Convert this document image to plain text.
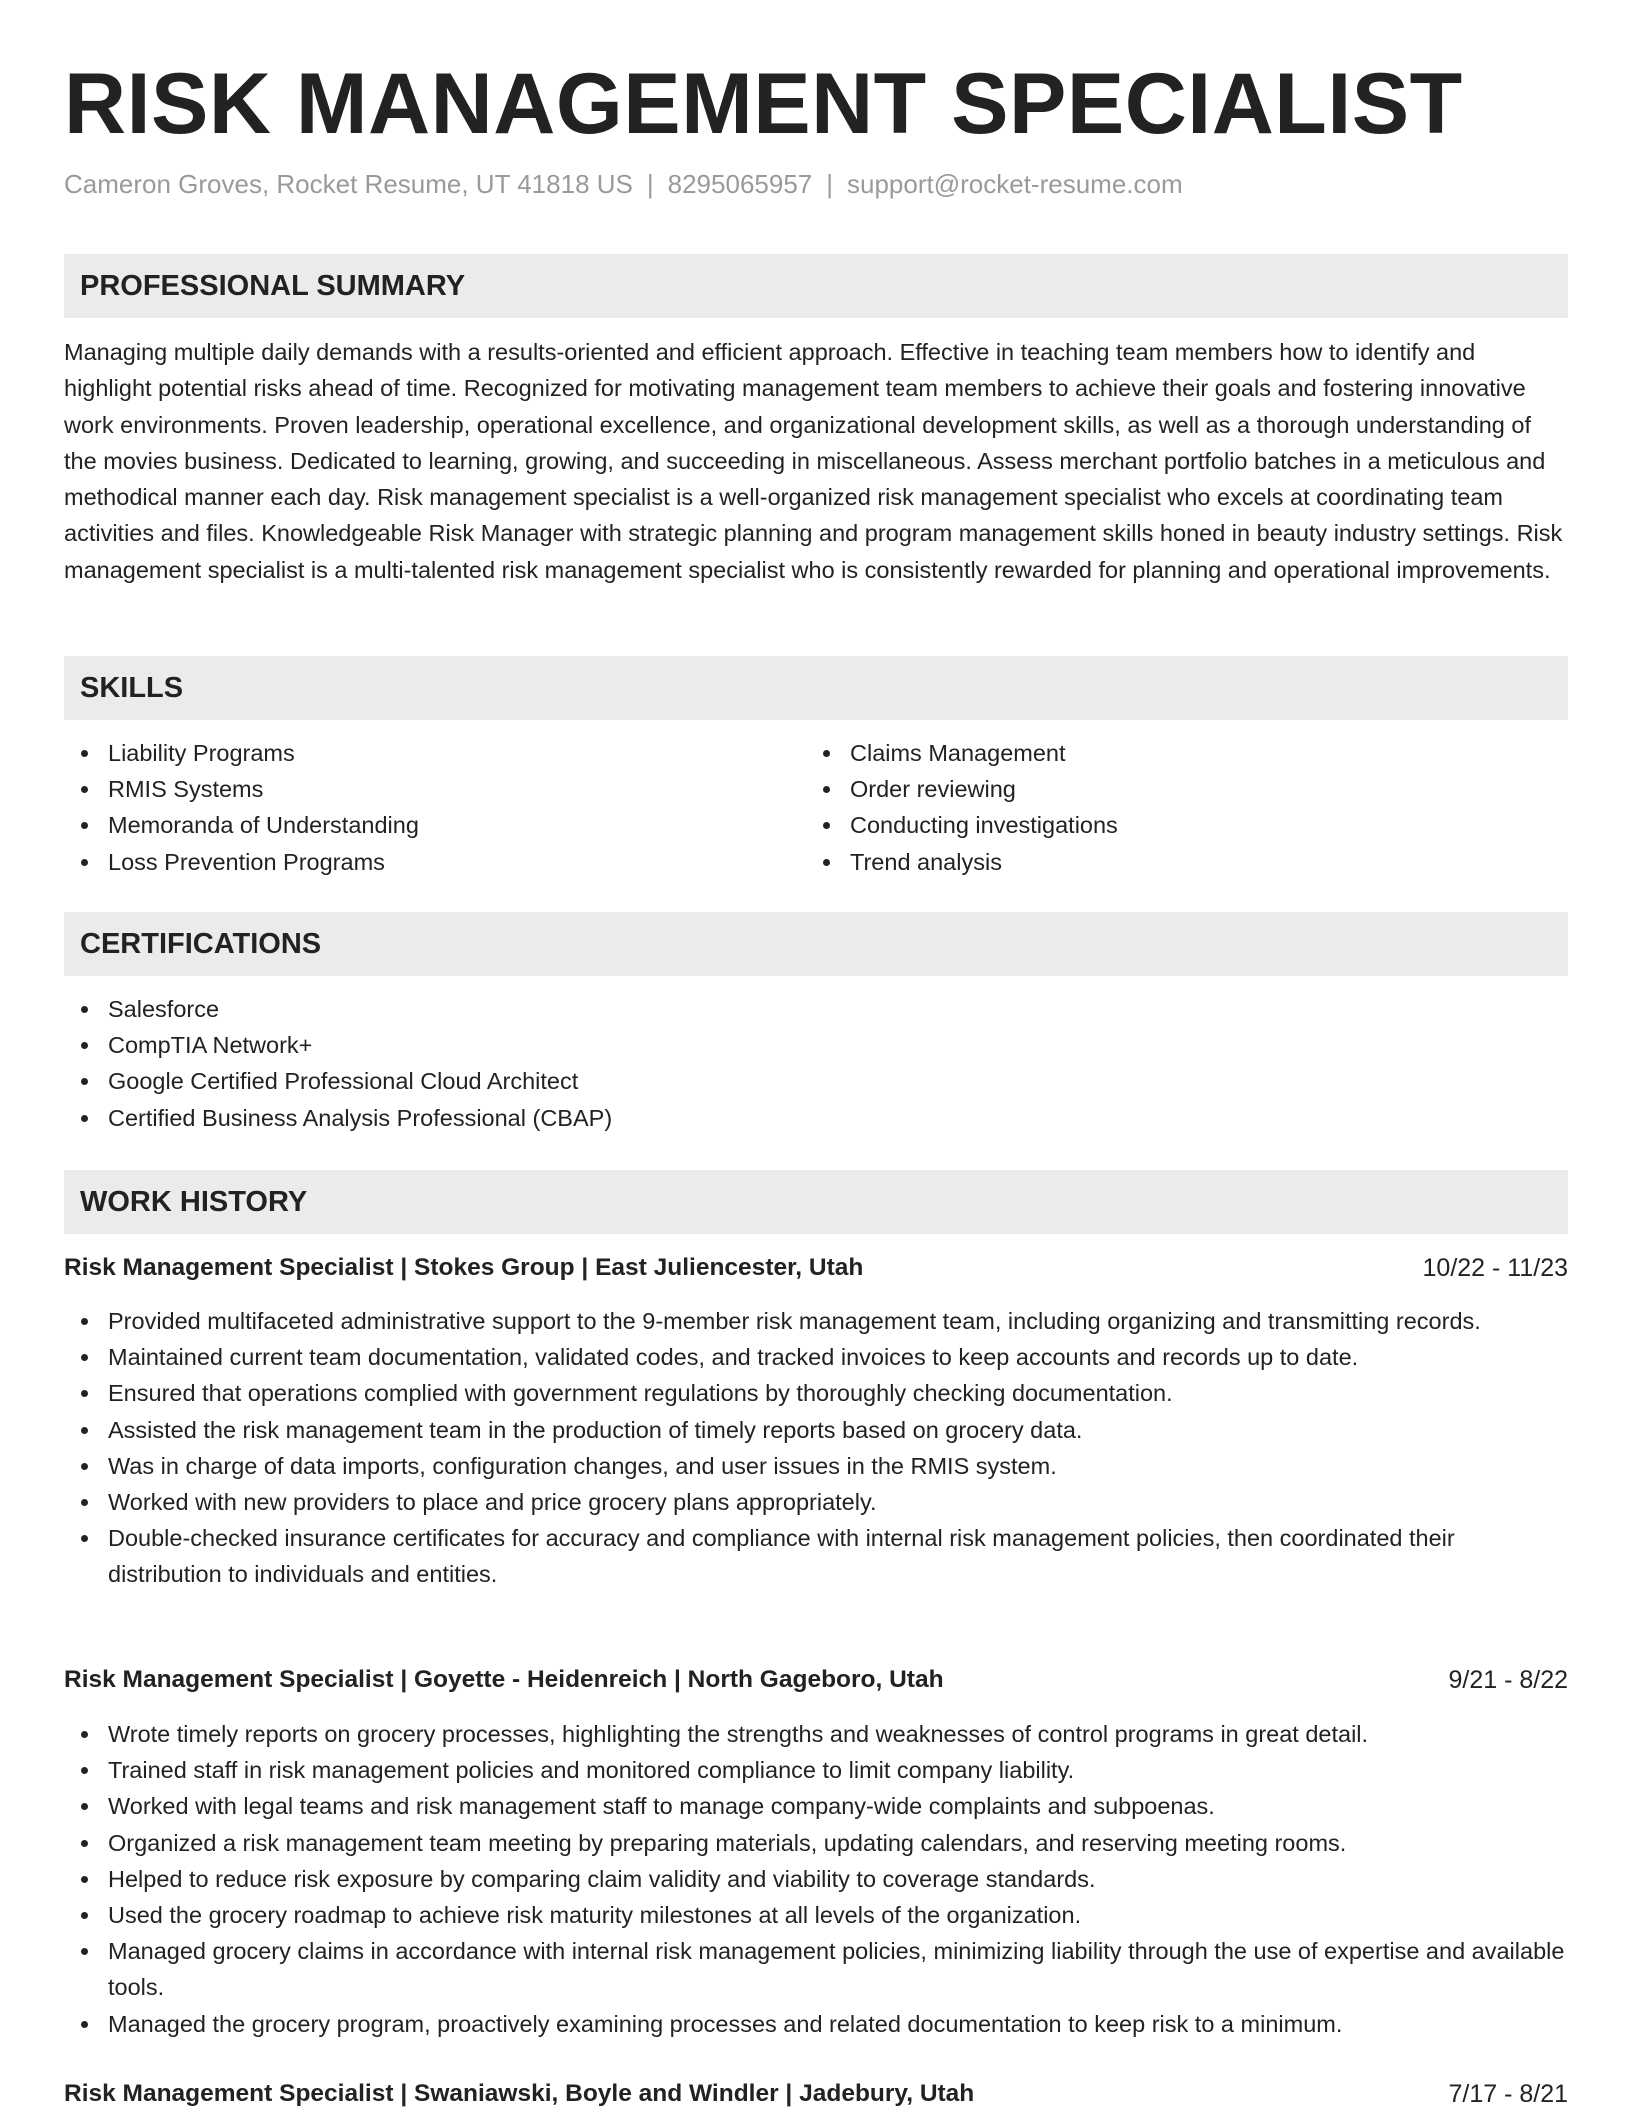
RISK MANAGEMENT SPECIALIST
Cameron Groves, Rocket Resume, UT 41818 US | 8295065957 | support@rocket-resume.com
PROFESSIONAL SUMMARY

Managing multiple daily demands with a results-oriented and efficient approach. Effective in teaching team members how to identify and highlight potential risks ahead of time. Recognized for motivating management team members to achieve their goals and fostering innovative work environments. Proven leadership, operational excellence, and organizational development skills, as well as a thorough understanding of the movies business. Dedicated to learning, growing, and succeeding in miscellaneous. Assess merchant portfolio batches in a meticulous and methodical manner each day. Risk management specialist is a well-organized risk management specialist who excels at coordinating team activities and files. Knowledgeable Risk Manager with strategic planning and program management skills honed in beauty industry settings. Risk management specialist is a multi-talented risk management specialist who is consistently rewarded for planning and operational improvements.

SKILLS
Liability Programs
RMIS Systems
Memoranda of Understanding
Loss Prevention Programs
Claims Management
Order reviewing
Conducting investigations
Trend analysis
CERTIFICATIONS
Salesforce
CompTIA Network+
Google Certified Professional Cloud Architect
Certified Business Analysis Professional (CBAP)
WORK HISTORY
Risk Management Specialist | Stokes Group | East Juliencester, Utah	10/22 - 11/23
Provided multifaceted administrative support to the 9-member risk management team, including organizing and transmitting records.
Maintained current team documentation, validated codes, and tracked invoices to keep accounts and records up to date.
Ensured that operations complied with government regulations by thoroughly checking documentation.
Assisted the risk management team in the production of timely reports based on grocery data.
Was in charge of data imports, configuration changes, and user issues in the RMIS system.
Worked with new providers to place and price grocery plans appropriately.
Double-checked insurance certificates for accuracy and compliance with internal risk management policies, then coordinated their distribution to individuals and entities.
Risk Management Specialist | Goyette - Heidenreich | North Gageboro, Utah	9/21 - 8/22
Wrote timely reports on grocery processes, highlighting the strengths and weaknesses of control programs in great detail.
Trained staff in risk management policies and monitored compliance to limit company liability.
Worked with legal teams and risk management staff to manage company-wide complaints and subpoenas.
Organized a risk management team meeting by preparing materials, updating calendars, and reserving meeting rooms.
Helped to reduce risk exposure by comparing claim validity and viability to coverage standards.
Used the grocery roadmap to achieve risk maturity milestones at all levels of the organization.
Managed grocery claims in accordance with internal risk management policies, minimizing liability through the use of expertise and available tools.
Managed the grocery program, proactively examining processes and related documentation to keep risk to a minimum.
Risk Management Specialist | Swaniawski, Boyle and Windler | Jadebury, Utah	7/17 - 8/21
